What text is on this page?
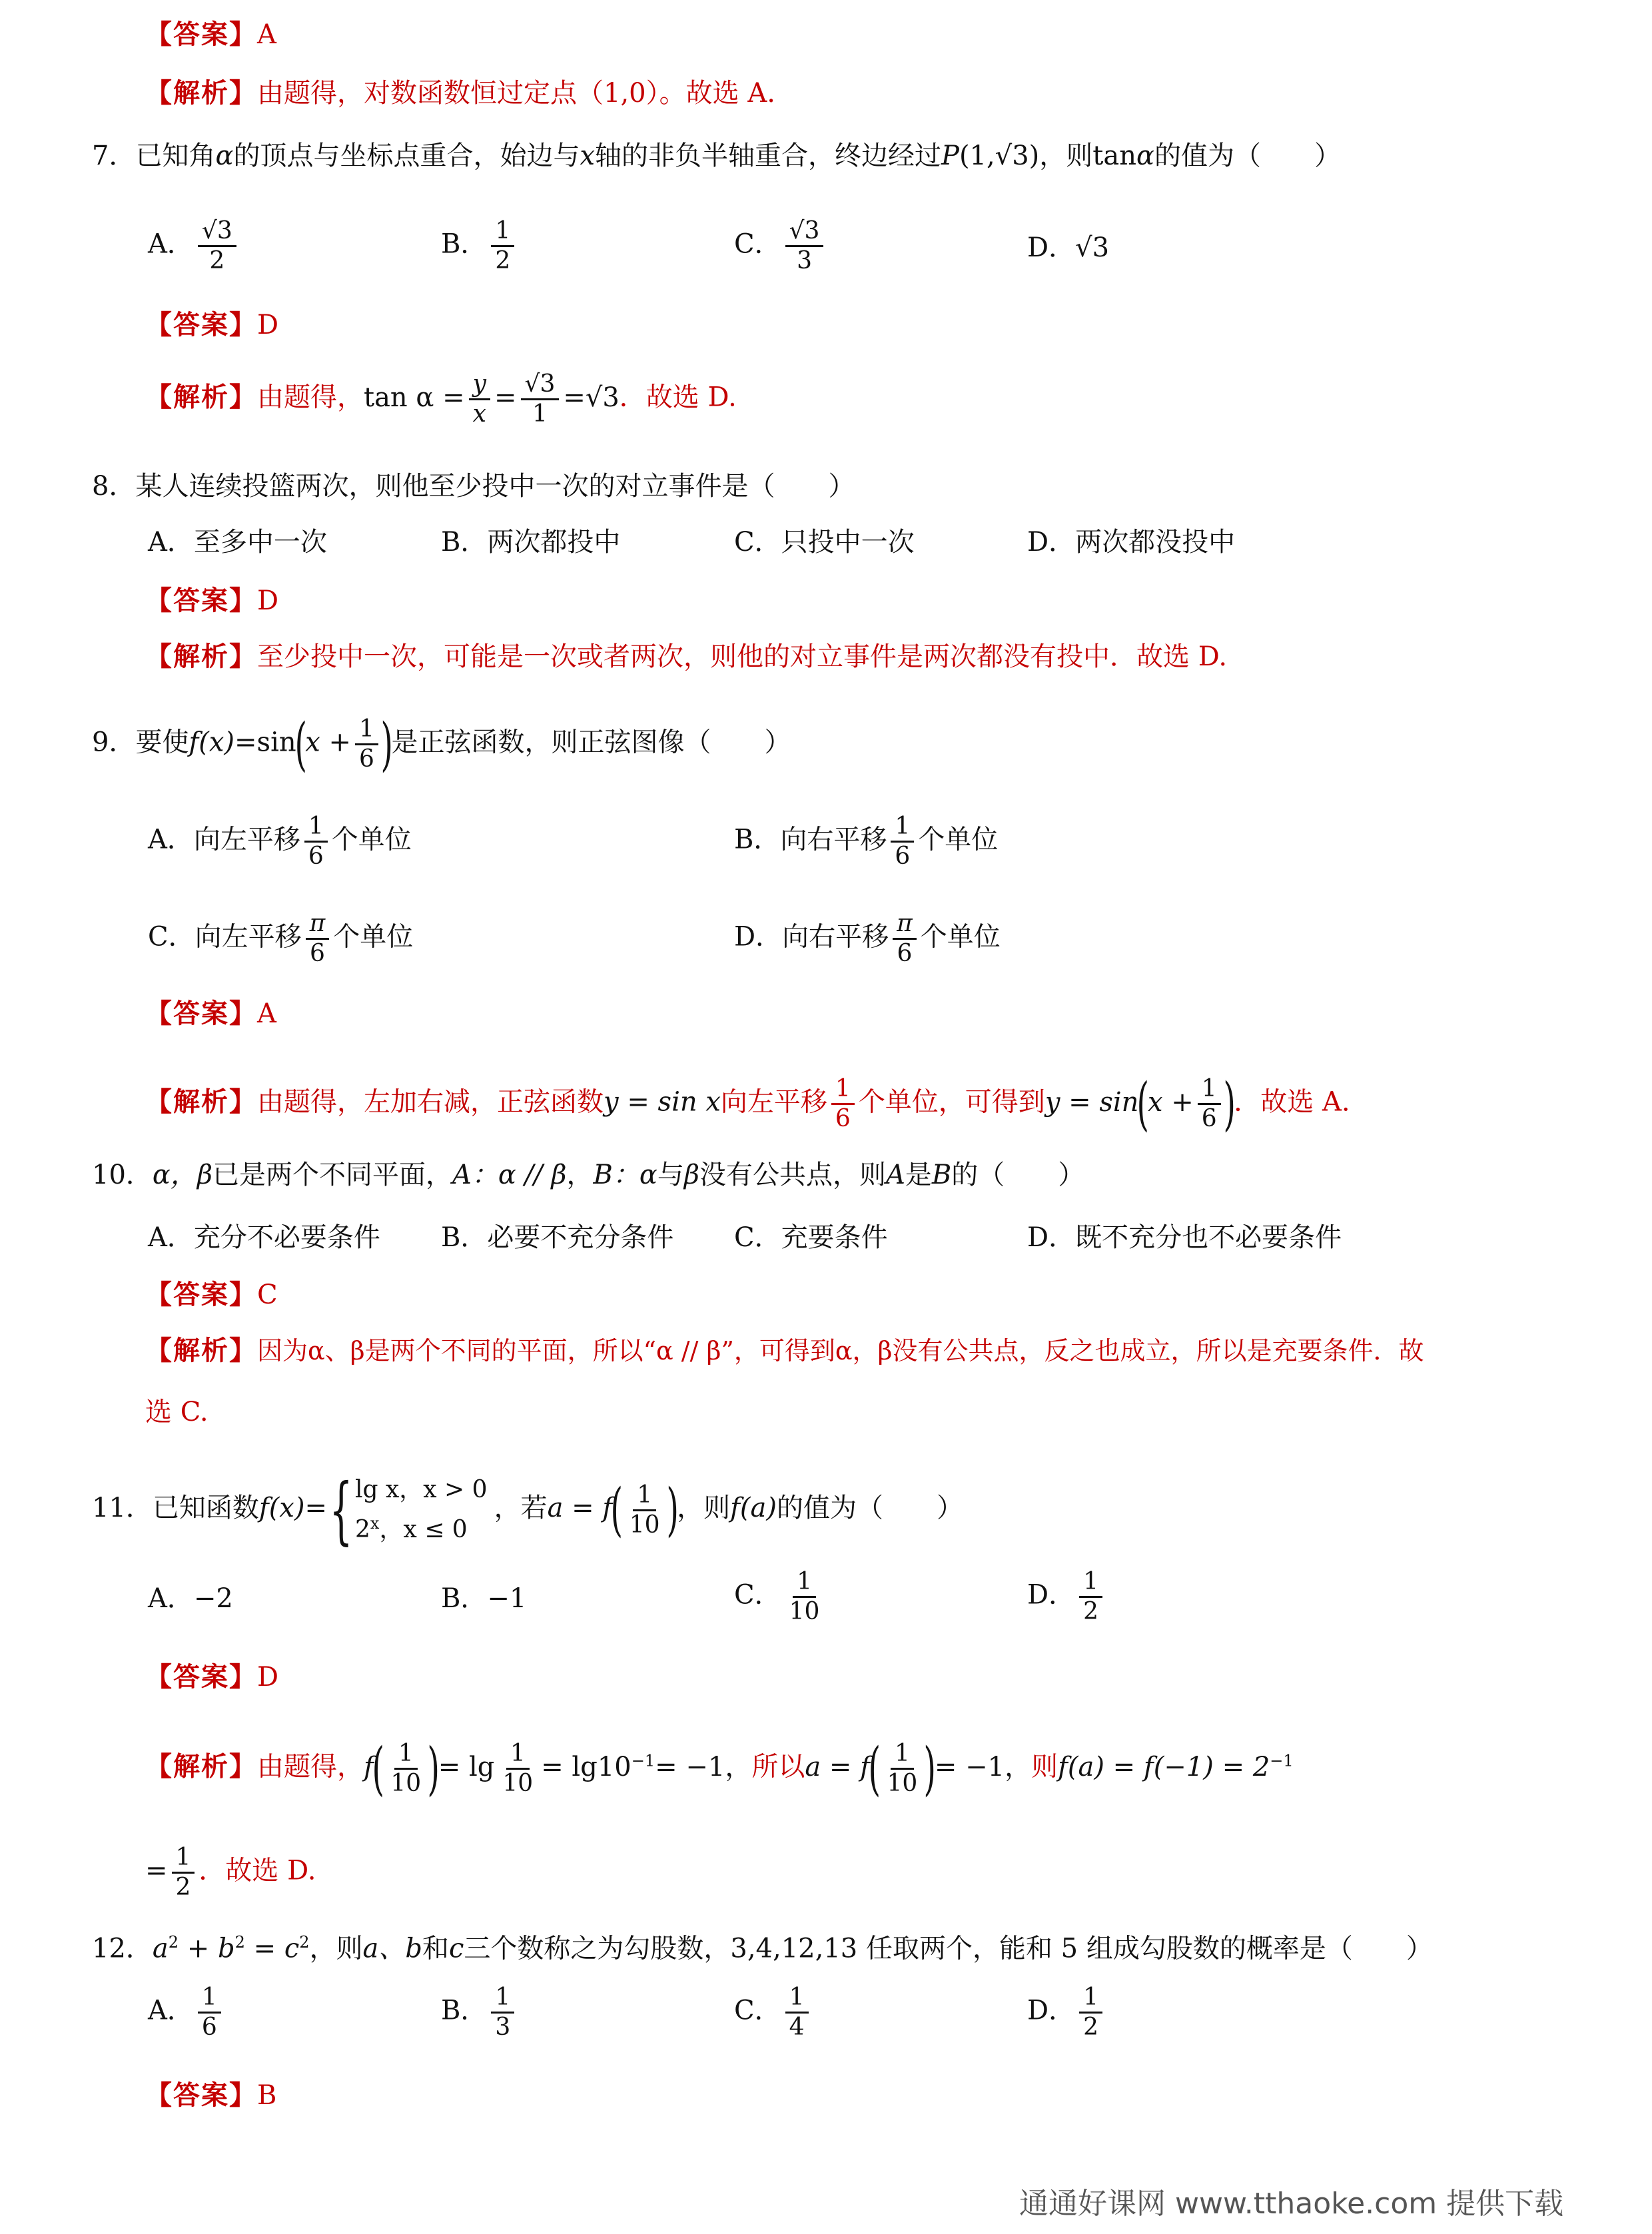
【答案】A
【解析】由题得，对数函数恒过定点（1,0）。故选 A.
7．已知角α的顶点与坐标点重合，始边与x轴的非负半轴重合，终边经过P(1,√3)，则tanα的值为（　　）
A． $\frac{√3}{2}$	B． $\frac{1}{2}$	C． $\frac{√3}{3}$	D．√3
【答案】D
【解析】由题得，$\tan \alpha = \frac{y}{x} = \frac{√3}{1} =√3$．故选 D.
8．某人连续投篮两次，则他至少投中一次的对立事件是（　　）
A．至多中一次	B．两次都投中	C．只投中一次	D．两次都没投中
【答案】D
【解析】至少投中一次，可能是一次或者两次，则他的对立事件是两次都没有投中．故选 D.
9．要使$f(x)=\sin(x + \frac{1}{6}$ )是正弦函数，则正弦图像（　　）
A．向左平移 $\frac{1}{6}$ 个单位	B．向右平移 $\frac{1}{6}$ 个单位
C．向左平移 $\frac{\pi}{6}$ 个单位	D．向右平移 $\frac{\pi}{6}$ 个单位
【答案】A
【解析】由题得，左加右减，正弦函数y = sin x向左平移 $\frac{1}{6}$ 个单位，可得到$y = \sin(x + \frac{1}{6}$ )．故选 A.
10．α，β已是两个不同平面，A：α // β，B：α与β没有公共点，则A是B的（　　）
A．充分不必要条件 B．必要不充分条件 C．充要条件	D．既不充分也不必要条件
【答案】C
【解析】因为α、β是两个不同的平面，所以“α // β”，可得到α，β没有公共点，反之也成立，所以是充要条件．故
选 C.
11．已知函数f(x)={ lg x，x > 0
2$^x$，x ≤ 0
，若$a = f( \frac{1}{10}$ )，则f(a)的值为（　　）
A．−2	B．−1	C． $\frac{1}{10}$	D． $\frac{1}{2}$
【答案】D
【解析】由题得，$f( \frac{1}{10}$ )= $\lg \frac{1}{10} = \lg 10^{-1}= -1$，所以$a = f( \frac{1}{10}$ )= −1，则$f(a) = f(-1) = 2^{-1}$
= $\frac{1}{2}$ ．故选 D.
12．$a^2 + b^2 = c^2$，则a、b和c三个数称之为勾股数，3,4,12,13 任取两个，能和 5 组成勾股数的概率是（　　）
A． $\frac{1}{6}$	B． $\frac{1}{3}$	C． $\frac{1}{4}$	D． $\frac{1}{2}$
【答案】B
通通好课网 www.tthaoke.com 提供下载
